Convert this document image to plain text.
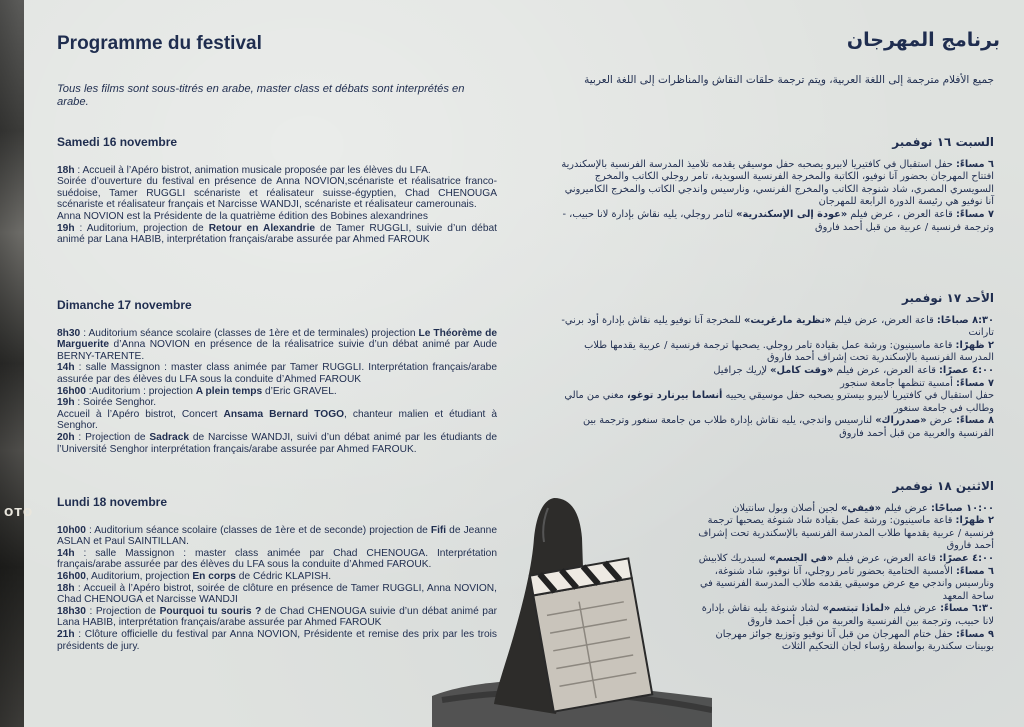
OTO
Programme du festival
Tous les films sont sous-titrés en arabe, master class et débats sont interprétés en arabe.
Samedi 16 novembre

18h : Accueil à l’Apéro bistrot, animation musicale proposée par les élèves du LFA.
Soirée d’ouverture du festival en présence de Anna NOVION,scénariste et réalisatrice franco-suédoise, Tamer RUGGLI scénariste et réalisateur suisse-égyptien, Chad CHENOUGA scénariste et réalisateur français et Narcisse WANDJI, scénariste et réalisateur camerounais.
Anna NOVION est la Présidente de la quatrième édition des Bobines alexandrines
19h : Auditorium, projection de Retour en Alexandrie de Tamer RUGGLI, suivie d’un débat animé par Lana HABIB, interprétation français/arabe assurée par Ahmed FAROUK

Dimanche 17 novembre

8h30 : Auditorium séance scolaire (classes de 1ère et de terminales) projection Le Théorème de Marguerite d’Anna NOVION en présence de la réalisatrice suivie d’un débat animé par Aude BERNY-TARENTE.
14h : salle Massignon : master class animée par Tamer RUGGLI. Interprétation français/arabe assurée par des élèves du LFA sous la conduite d’Ahmed FAROUK
16h00 :Auditorium : projection A plein temps d’Eric GRAVEL.
19h : Soirée Senghor.
Accueil à l’Apéro bistrot, Concert Ansama Bernard TOGO, chanteur malien et étudiant à Senghor.
20h : Projection de Sadrack de Narcisse WANDJI, suivi d’un débat animé par les étudiants de l’Université Senghor interprétation français/arabe assurée par Ahmed FAROUK.

Lundi 18 novembre

10h00 : Auditorium séance scolaire (classes de 1ère et de seconde) projection de Fifi de Jeanne ASLAN et Paul SAINTILLAN.
14h : salle Massignon : master class animée par Chad CHENOUGA. Interprétation français/arabe assurée par des élèves du LFA sous la conduite d’Ahmed FAROUK.
16h00, Auditorium, projection En corps de Cédric KLAPISH.
18h : Accueil à l’Apéro bistrot, soirée de clôture en présence de Tamer RUGGLI, Anna NOVION, Chad CHENOUGA et Narcisse WANDJI
18h30 : Projection de Pourquoi tu souris ? de Chad CHENOUGA suivie d’un débat animé par Lana HABIB, interprétation français/arabe assurée par Ahmed FAROUK
21h : Clôture officielle du festival par Anna NOVION, Présidente et remise des prix par les trois présidents de jury.

برنامج المهرجان
جميع الأفلام مترجمة إلى اللغة العربية، ويتم ترجمة حلقات النقاش والمناظرات إلى اللغة العربية
السبت ١٦ نوفمبر

٦ مساءً: حفل استقبال في كافتيريا لابيرو يصحبه حفل موسيقي يقدمه تلاميذ المدرسة الفرنسية بالإسكندرية
افتتاح المهرجان بحضور آنا نوفيو، الكاتبة والمخرجة الفرنسية السويدية، تامر روجلي الكاتب والمخرج السويسري المصري، شاد شنوجة الكاتب والمخرج الفرنسي، ونارسيس واندجي الكاتب والمخرج الكاميروني
آنا نوفيو هي رئيسة الدورة الرابعة للمهرجان
٧ مساءً: قاعة العرض ، عرض فيلم «عودة إلى الإسكندرية» لتامر روجلي، يليه نقاش بإدارة لانا حبيب، - وترجمة فرنسية / عربية من قبل أحمد فاروق

الأحد ١٧ نوفمبر

٨:٣٠ صباحًا: قاعة العرض، عرض فيلم «نظرية مارغريت» للمخرجة آنا نوفيو يليه نقاش بإدارة أود برني-تارانت
٢ ظهرًا: قاعة ماسينيون: ورشة عمل بقيادة تامر روجلي. يصحبها ترجمة فرنسية / عربية يقدمها طلاب المدرسة الفرنسية بالإسكندرية تحت إشراف أحمد فاروق
٤:٠٠ عصرًا: قاعة العرض، عرض فيلم «وقت كامل» لإريك جرافيل
٧ مساءً: أمسية تنظمها جامعة سنجور
حفل استقبال في كافتيريا لابيرو بيسترو يصحبه حفل موسيقي يحييه أنساما بيرنارد توغو، مغني من مالي وطالب في جامعة سنغور
٨ مساءً: عرض «صدرراك» لنارسيس واندجي، يليه نقاش بإدارة طلاب من جامعة سنغور وترجمة بين الفرنسية والعربية من قبل أحمد فاروق

الاثنين ١٨ نوفمبر

١٠:٠٠ صباحًا: عرض فيلم «فيفي» لجين أصلان وبول سانتيلان
٢ ظهرًا: قاعة ماسينيون: ورشة عمل بقيادة شاد شنوغة يصحبها ترجمة فرنسية / عربية يقدمها طلاب المدرسة الفرنسية بالإسكندرية تحت إشراف أحمد فاروق
٤:٠٠ عصرًا: قاعة العرض، عرض فيلم «في الجسم» لسيدريك كلابيش
٦ مساءً: الأمسية الختامية بحضور تامر روجلي، آنا نوفيو، شاد شنوغة، ونارسيس واندجي مع عرض موسيقي يقدمه طلاب المدرسة الفرنسية في ساحة المعهد
٦:٣٠ مساءً: عرض فيلم «لماذا تبتسم» لشاد شنوغة يليه نقاش بإدارة لانا حبيب، وترجمة بين الفرنسية والعربية من قبل أحمد فاروق
٩ مساءً: حفل ختام المهرجان من قبل آنا نوفيو وتوزيع جوائز مهرجان بوبينات سكندرية بواسطة رؤساء لجان التحكيم الثلاث
